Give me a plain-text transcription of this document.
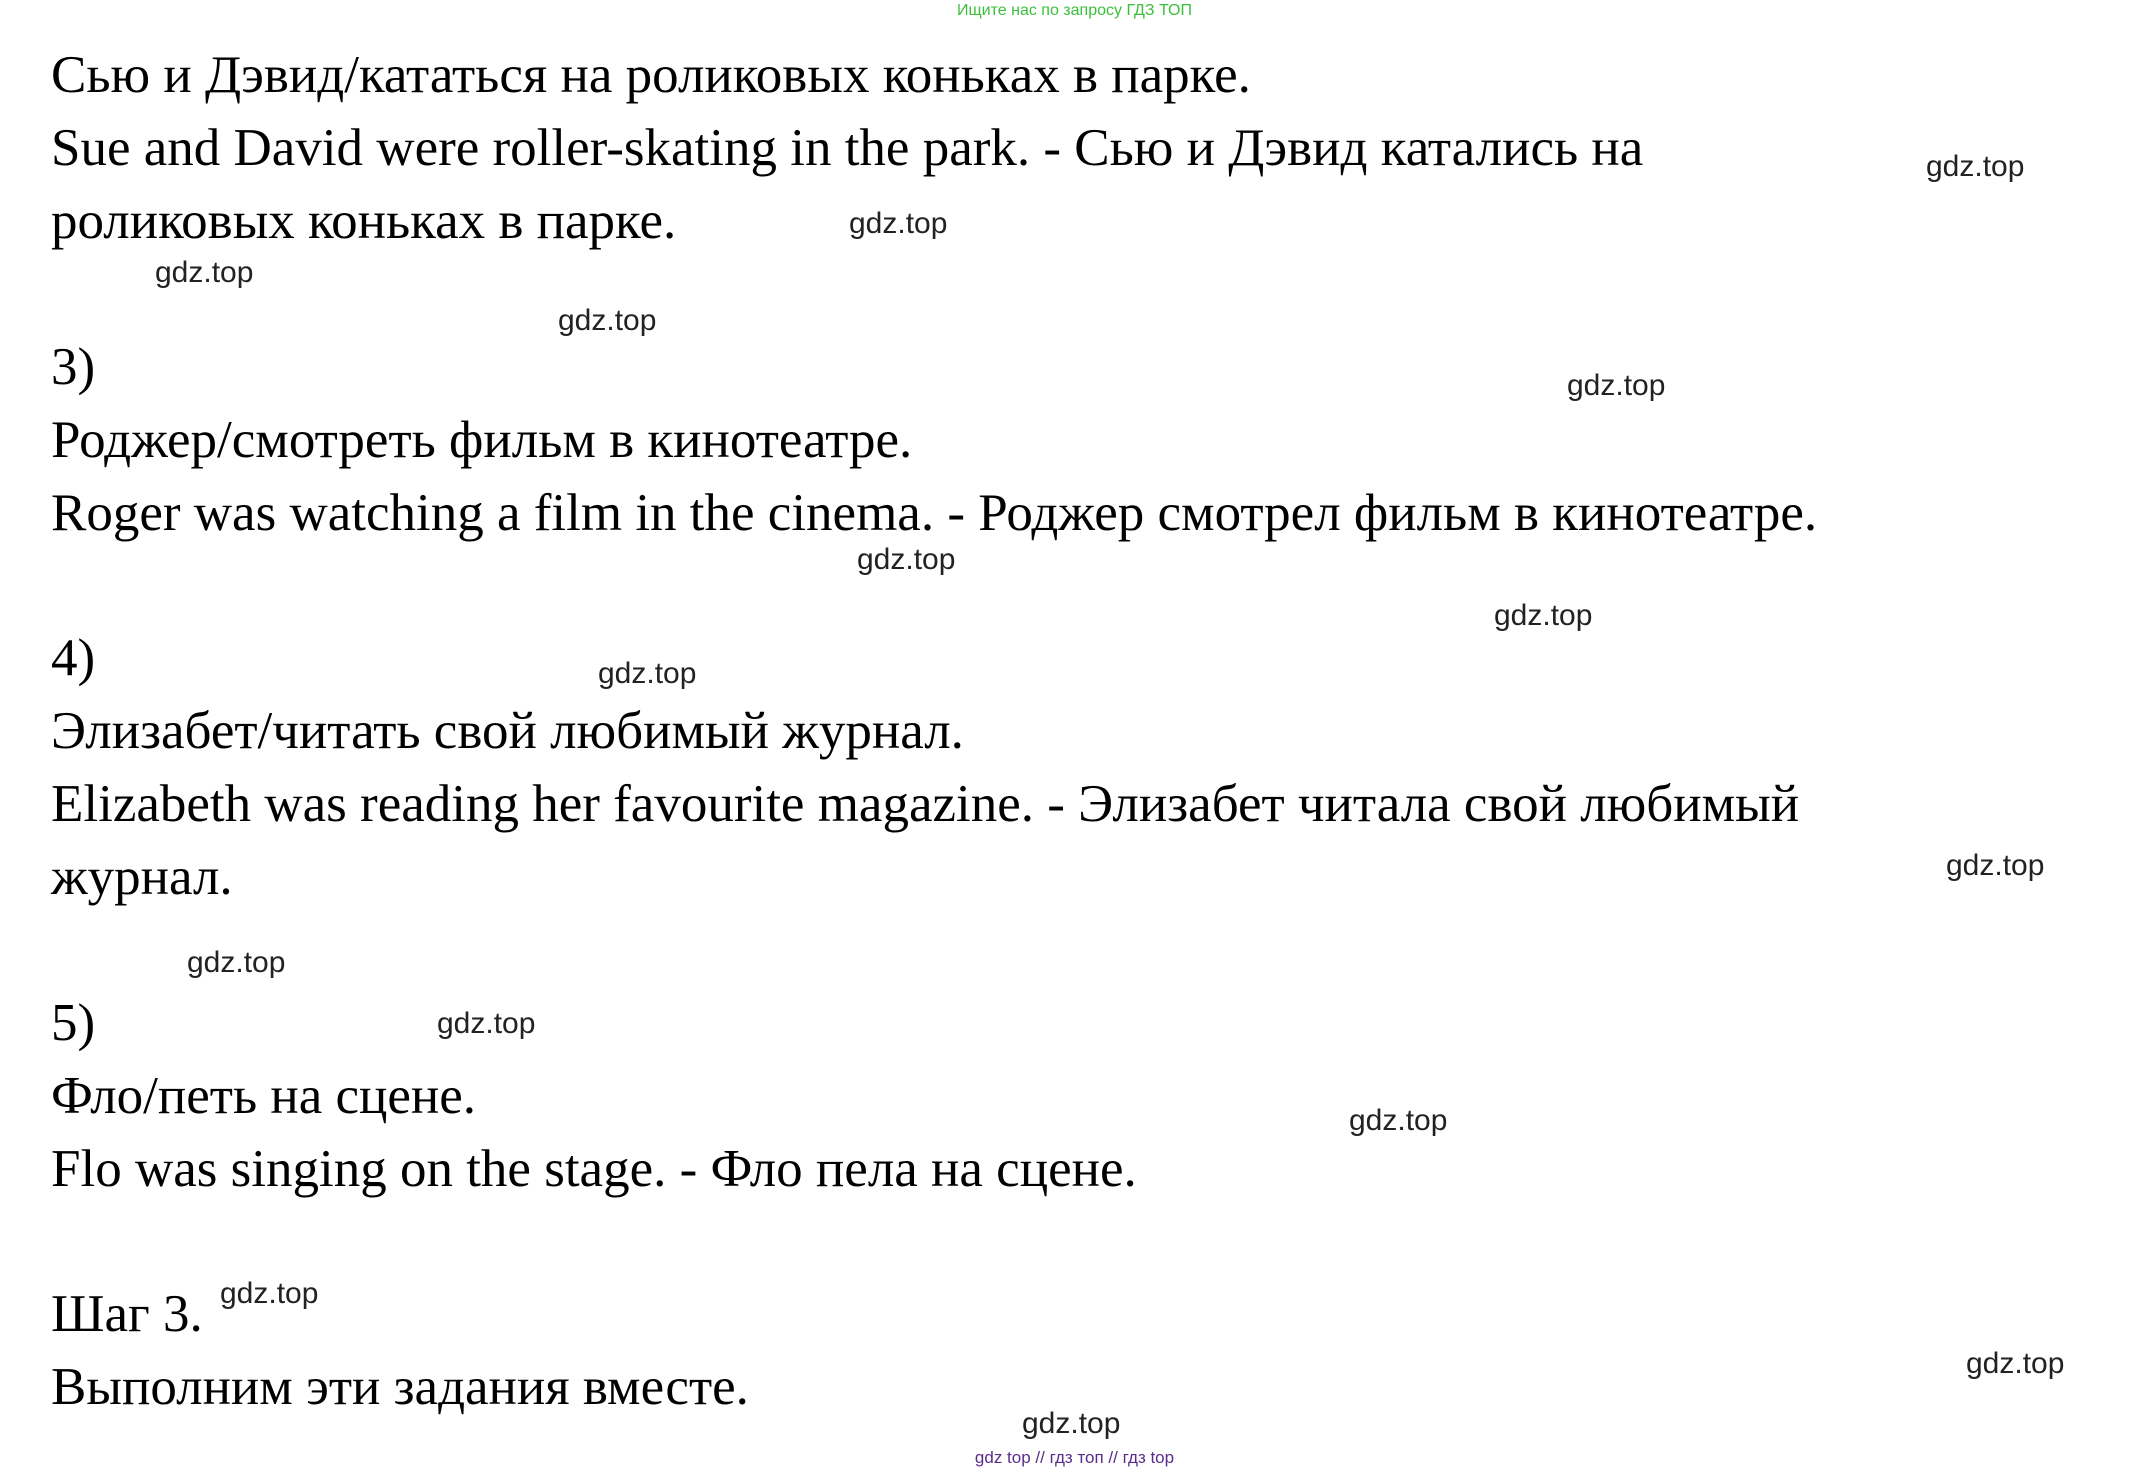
Ищите нас по запросу ГДЗ ТОП
Сью и Дэвид/кататься на роликовых коньках в парке.
Sue and David were roller-skating in the park. - Сью и Дэвид катались на
роликовых коньках в парке.
3)
Роджер/смотреть фильм в кинотеатре.
Roger was watching a film in the cinema. - Роджер смотрел фильм в кинотеатре.
4)
Элизабет/читать свой любимый журнал.
Elizabeth was reading her favourite magazine. - Элизабет читала свой любимый
журнал.
5)
Фло/петь на сцене.
Flo was singing on the stage. - Фло пела на сцене.
Шаг 3.
Выполним эти задания вместе.
gdz.top
gdz.top
gdz.top
gdz.top
gdz.top
gdz.top
gdz.top
gdz.top
gdz.top
gdz.top
gdz.top
gdz.top
gdz.top
gdz.top
gdz.top
gdz top // гдз топ // гдз top
